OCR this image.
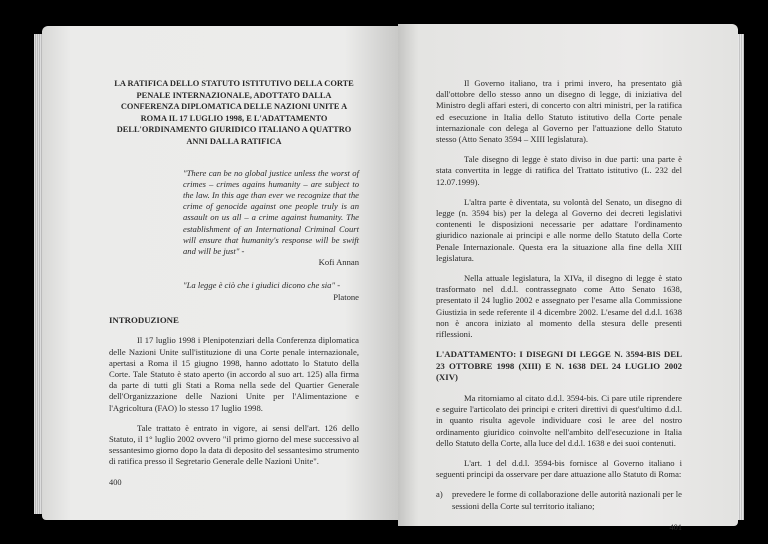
LA RATIFICA DELLO STATUTO ISTITUTIVO DELLA CORTE PENALE INTERNAZIONALE, ADOTTATO DALLA CONFERENZA DIPLOMATICA DELLE NAZIONI UNITE A ROMA IL 17 LUGLIO 1998, E L'ADATTAMENTO DELL'ORDINAMENTO GIURIDICO ITALIANO A QUATTRO ANNI DALLA RATIFICA
"There can be no global justice unless the worst of crimes – crimes agains humanity – are subject to the law. In this age than ever we recognize that the crime of genocide against one people truly is an assault on us all – a crime against humanity. The establishment of an International Criminal Court will ensure that humanity's response will be swift and will be just" -
Kofi Annan
"La legge è ciò che i giudici dicono che sia" -
Platone
INTRODUZIONE

Il 17 luglio 1998 i Plenipotenziari della Conferenza diplomatica delle Nazioni Unite sull'istituzione di una Corte penale internazionale, apertasi a Roma il 15 giugno 1998, hanno adottato lo Statuto della Corte. Tale Statuto è stato aperto (in accordo al suo art. 125) alla firma da parte di tutti gli Stati a Roma nella sede del Quartier Generale dell'Organizzazione delle Nazioni Unite per l'Alimentazione e l'Agricoltura (FAO) lo stesso 17 luglio 1998.

Tale trattato è entrato in vigore, ai sensi dell'art. 126 dello Statuto, il 1° luglio 2002 ovvero "il primo giorno del mese successivo al sessantesimo giorno dopo la data di deposito del sessantesimo strumento di ratifica presso il Segretario Generale delle Nazioni Unite".

400

Il Governo italiano, tra i primi invero, ha presentato già dall'ottobre dello stesso anno un disegno di legge, di iniziativa del Ministro degli affari esteri, di concerto con altri ministri, per la ratifica ed esecuzione in Italia dello Statuto istitutivo della Corte penale internazionale con delega al Governo per l'attuazione dello Statuto stesso (Atto Senato 3594 – XIII legislatura).

Tale disegno di legge è stato diviso in due parti: una parte è stata convertita in legge di ratifica del Trattato istitutivo (L. 232 del 12.07.1999).

L'altra parte è diventata, su volontà del Senato, un disegno di legge (n. 3594 bis) per la delega al Governo dei decreti legislativi contenenti le disposizioni necessarie per adattare l'ordinamento giuridico nazionale ai principi e alle norme dello Statuto della Corte Penale Internazionale. Questa era la situazione alla fine della XIII legislatura.

Nella attuale legislatura, la XIVa, il disegno di legge è stato trasformato nel d.d.l. contrassegnato come Atto Senato 1638, presentato il 24 luglio 2002 e assegnato per l'esame alla Commissione Giustizia in sede referente il 4 dicembre 2002. L'esame del d.d.l. 1638 non è ancora iniziato al momento della stesura delle presenti riflessioni.

L'ADATTAMENTO: I DISEGNI DI LEGGE N. 3594-BIS DEL 23 OTTOBRE 1998 (XIII) E N. 1638 DEL 24 LUGLIO 2002 (XIV)

Ma ritorniamo al citato d.d.l. 3594-bis. Ci pare utile riprendere e seguire l'articolato dei principi e criteri direttivi di quest'ultimo d.d.l. in quanto risulta agevole individuare così le aree del nostro ordinamento giuridico coinvolte nell'ambito dell'esecuzione in Italia dello Statuto della Corte, alla luce del d.d.l. 1638 e dei suoi contenuti.

L'art. 1 del d.d.l. 3594-bis fornisce al Governo italiano i seguenti principi da osservare per dare attuazione allo Statuto di Roma:

a)	prevedere le forme di collaborazione delle autorità nazionali per le sessioni della Corte sul territorio italiano;
401
